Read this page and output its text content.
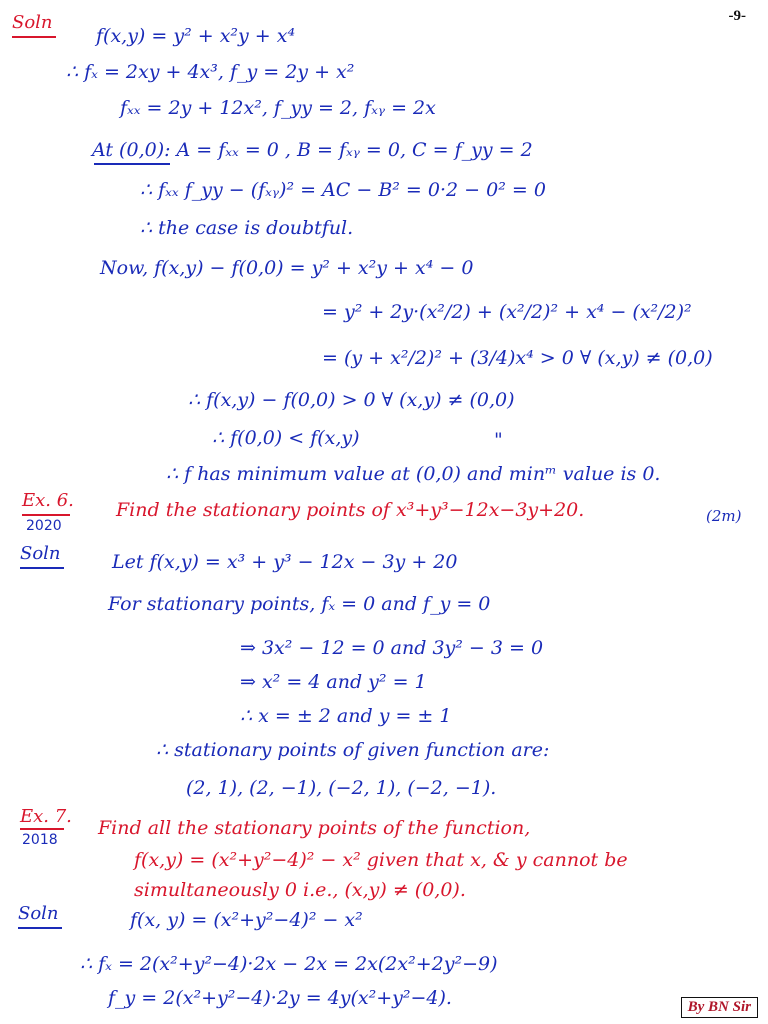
-9-
Soln
Ex. 6.
2020
Soln
Ex. 7.
2018
Soln
f(x,y) = y² + x²y + x⁴
∴ fₓ = 2xy + 4x³, f_y = 2y + x²
fₓₓ = 2y + 12x², f_yy = 2, fₓᵧ = 2x
At (0,0): A = fₓₓ = 0 , B = fₓᵧ = 0, C = f_yy = 2
∴ fₓₓ f_yy − (fₓᵧ)² = AC − B² = 0·2 − 0² = 0
∴ the case is doubtful.
Now, f(x,y) − f(0,0) = y² + x²y + x⁴ − 0
= y² + 2y·(x²/2) + (x²/2)² + x⁴ − (x²/2)²
= (y + x²/2)² + (3/4)x⁴ > 0 ∀ (x,y) ≠ (0,0)
∴ f(x,y) − f(0,0) > 0 ∀ (x,y) ≠ (0,0)
∴ f(0,0) < f(x,y)	"
∴ f has minimum value at (0,0) and minᵐ value is 0.
Find the stationary points of x³+y³−12x−3y+20.	(2m)
Let f(x,y) = x³ + y³ − 12x − 3y + 20
For stationary points, fₓ = 0 and f_y = 0
⇒ 3x² − 12 = 0 and 3y² − 3 = 0
⇒ x² = 4 and y² = 1
∴ x = ± 2 and y = ± 1
∴ stationary points of given function are:
(2, 1), (2, −1), (−2, 1), (−2, −1).
Find all the stationary points of the function,
f(x,y) = (x²+y²−4)² − x² given that x, & y cannot be
simultaneously 0 i.e., (x,y) ≠ (0,0).
f(x, y) = (x²+y²−4)² − x²
∴ fₓ = 2(x²+y²−4)·2x − 2x = 2x(2x²+2y²−9)
f_y = 2(x²+y²−4)·2y = 4y(x²+y²−4).	By BN Sir
